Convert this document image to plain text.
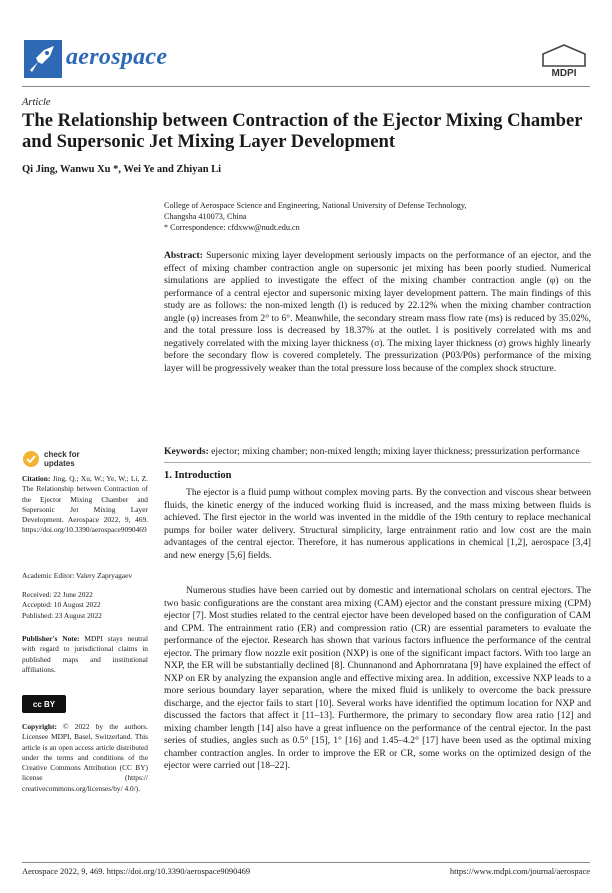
aerospace
MDPI
Article
The Relationship between Contraction of the Ejector Mixing Chamber and Supersonic Jet Mixing Layer Development
Qi Jing, Wanwu Xu *, Wei Ye and Zhiyan Li
College of Aerospace Science and Engineering, National University of Defense Technology,
Changsha 410073, China
* Correspondence: cfdxww@nudt.edu.cn
Abstract: Supersonic mixing layer development seriously impacts on the performance of an ejector, and the effect of mixing chamber contraction angle on supersonic jet mixing has been poorly studied. Numerical simulations are applied to investigate the effect of the mixing chamber contraction angle (φ) on the performance of a central ejector and supersonic mixing layer development pattern. The main findings of this study are as follows: the non-mixed length (l) is reduced by 22.12% when the mixing chamber contraction angle (φ) increases from 2° to 6°. Meanwhile, the secondary stream mass flow rate (ms) is reduced by 35.02%, and the total pressure loss is decreased by 18.37% at the outlet. l is positively correlated with ms and negatively correlated with the mixing layer thickness (σ). The mixing layer thickness (σ) grows highly linearly before the secondary flow is covered completely. The pressurization (P03/P0s) performance of the mixing layer will be progressively weaker than the total pressure loss because of the complex shock structure.
Keywords: ejector; mixing chamber; non-mixed length; mixing layer thickness; pressurization performance
check for
updates
Citation: Jing, Q.; Xu, W.; Ye, W.; Li, Z. The Relationship between Contraction of the Ejector Mixing Chamber and Supersonic Jet Mixing Layer Development. Aerospace 2022, 9, 469. https://doi.org/10.3390/aerospace9090469
Academic Editor: Valery Zapryagaev
Received: 22 June 2022
Accepted: 10 August 2022
Published: 23 August 2022
Publisher's Note: MDPI stays neutral with regard to jurisdictional claims in published maps and institutional affiliations.
cc BY
Copyright: © 2022 by the authors. Licensee MDPI, Basel, Switzerland. This article is an open access article distributed under the terms and conditions of the Creative Commons Attribution (CC BY) license (https:// creativecommons.org/licenses/by/ 4.0/).
1. Introduction
The ejector is a fluid pump without complex moving parts. By the convection and viscous shear between fluids, the kinetic energy of the induced working fluid is increased, and the mass mixing between fluids is achieved. The first ejector in the world was invented in the middle of the 19th century to replace mechanical pumps for boiler water delivery. Structural simplicity, large entrainment ratio and low cost are the main advantages of the central ejector. Therefore, it has numerous applications in chemical [1,2], aerospace [3,4] and new energy [5,6] fields.
Numerous studies have been carried out by domestic and international scholars on central ejectors. The two basic configurations are the constant area mixing (CAM) ejector and the constant pressure mixing (CPM) ejector [7]. Most studies related to the central ejector have been developed based on the configuration of CAM and CPM. The entrainment ratio (ER) and compression ratio (CR) are essential parameters to evaluate the performance of the ejector. Research has shown that various factors influence the performance of the central ejector. The primary flow nozzle exit position (NXP) is one of the significant impact factors. With too large an NXP, the ER will be substantially declined [8]. Chunnanond and Aphornratana [9] have explained the effect of NXP on ER by analyzing the expansion angle and effective mixing area. In addition, excessive NXP leads to a more serious boundary layer separation, where the mixed fluid is unlikely to overcome the back pressure discharge, and the ejector fails to start [10]. Several works have identified the optimum location for NXP and discussed the factors that affect it [11–13]. Furthermore, the primary to secondary flow area ratio [12] and mixing chamber length [14] also have a great influence on the performance of the central ejector. In the past series of studies, angles such as 0.5° [15], 1° [16] and 1.45–4.2° [17] have been used as the optimal mixing chamber contraction angles. In order to improve the ER or CR, some works on the optimized design of the ejector were carried out [18–22].
Aerospace 2022, 9, 469. https://doi.org/10.3390/aerospace9090469	https://www.mdpi.com/journal/aerospace
